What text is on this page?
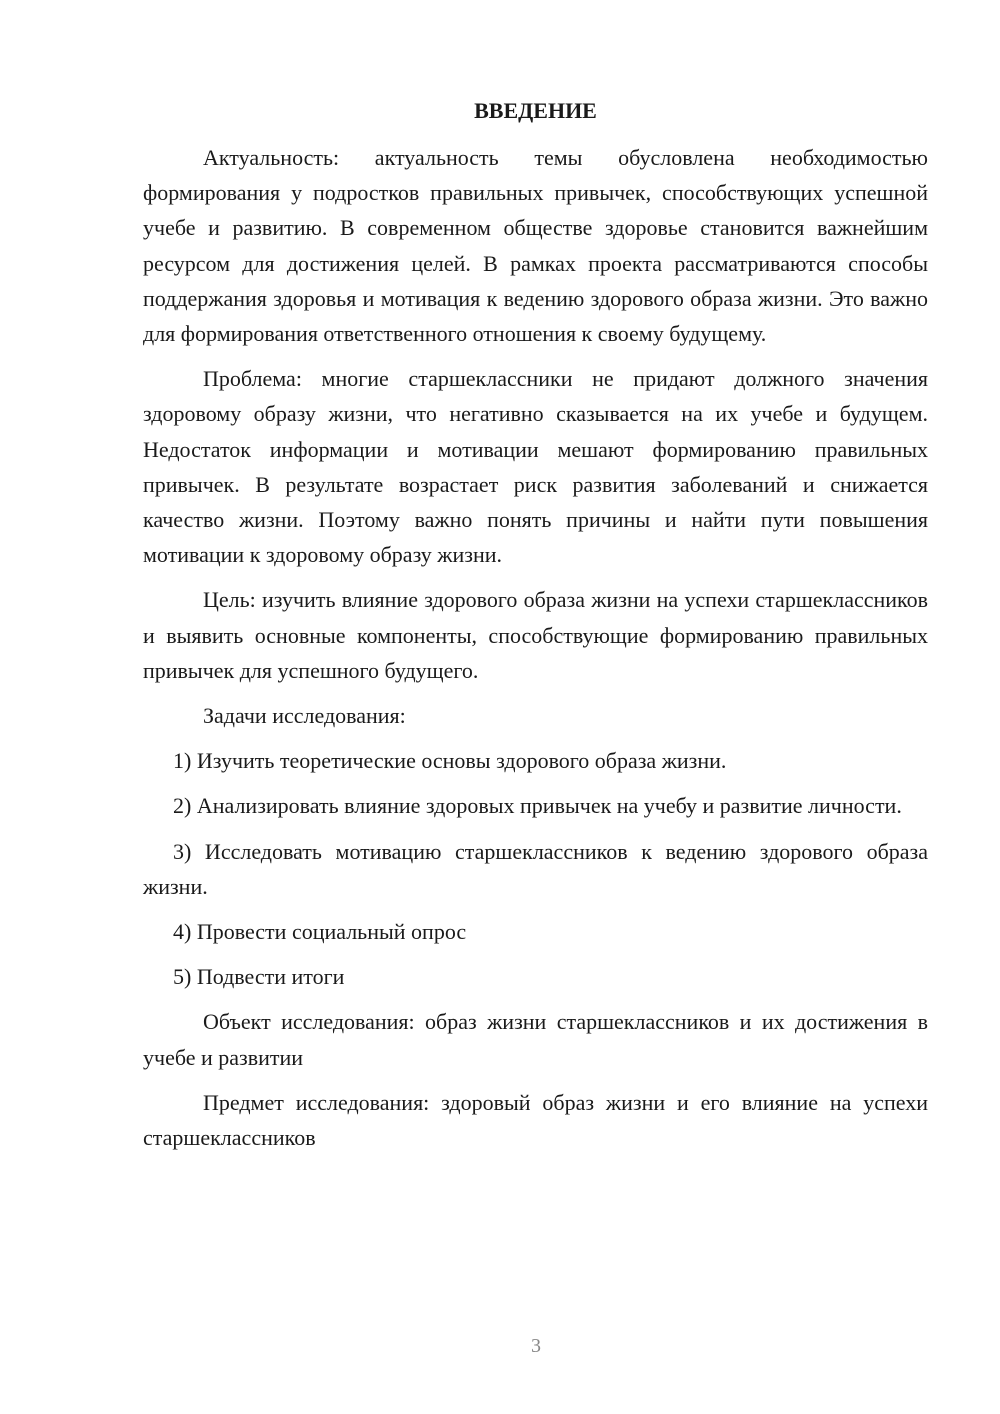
ВВЕДЕНИЕ

Актуальность: актуальность темы обусловлена необходимостью формирования у подростков правильных привычек, способствующих успешной учебе и развитию. В современном обществе здоровье становится важнейшим ресурсом для достижения целей. В рамках проекта рассматриваются способы поддержания здоровья и мотивация к ведению здорового образа жизни. Это важно для формирования ответственного отношения к своему будущему.

Проблема: многие старшеклассники не придают должного значения здоровому образу жизни, что негативно сказывается на их учебе и будущем. Недостаток информации и мотивации мешают формированию правильных привычек. В результате возрастает риск развития заболеваний и снижается качество жизни. Поэтому важно понять причины и найти пути повышения мотивации к здоровому образу жизни.

Цель: изучить влияние здорового образа жизни на успехи старшеклассников и выявить основные компоненты, способствующие формированию правильных привычек для успешного будущего.

Задачи исследования:

1) Изучить теоретические основы здорового образа жизни.

2) Анализировать влияние здоровых привычек на учебу и развитие личности.

3) Исследовать мотивацию старшеклассников к ведению здорового образа жизни.

4) Провести социальный опрос

5) Подвести итоги

Объект исследования: образ жизни старшеклассников и их достижения в учебе и развитии

Предмет исследования: здоровый образ жизни и его влияние на успехи старшеклассников

3
